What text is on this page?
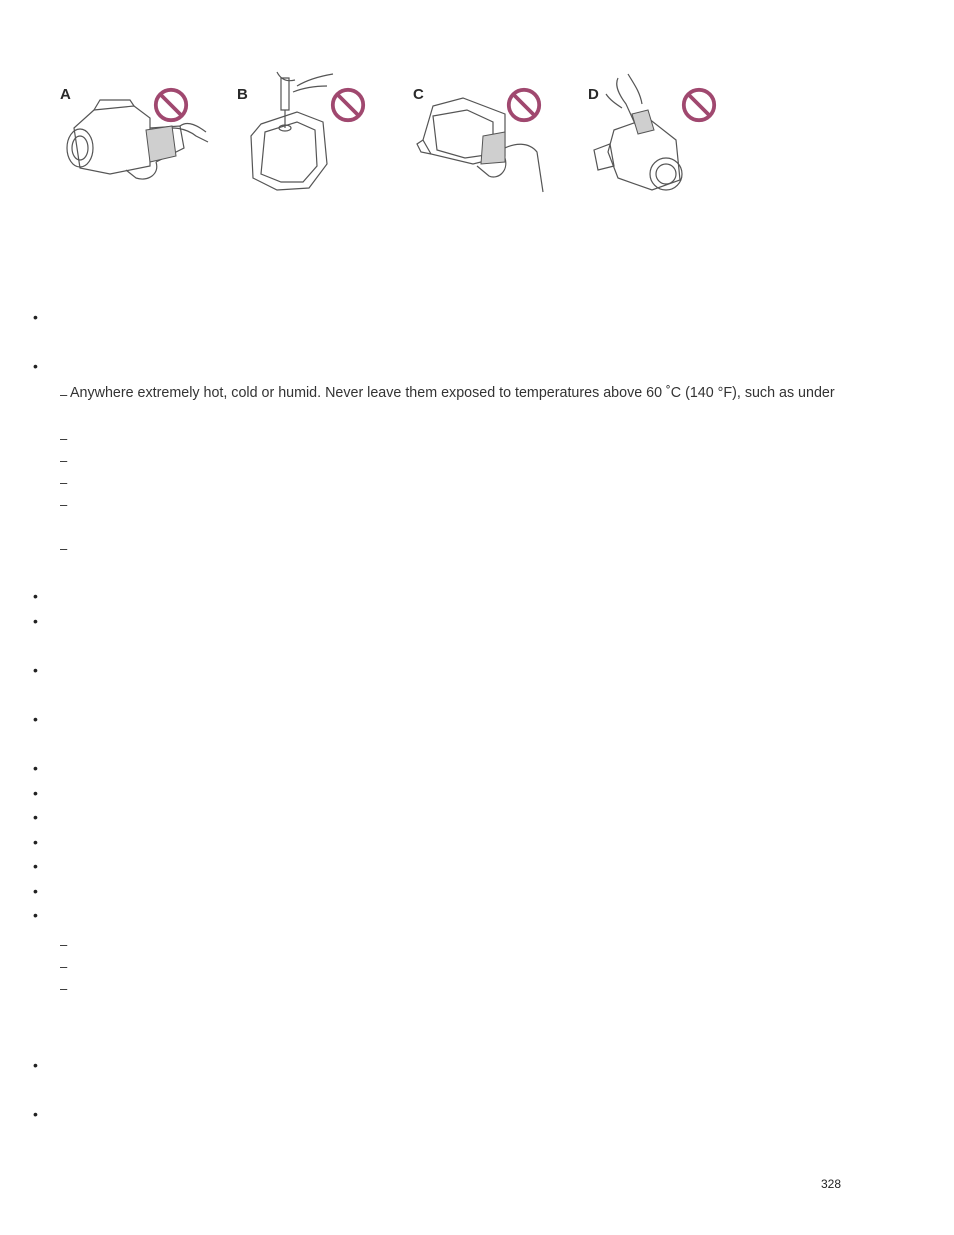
A	B	C	D
•
•
– Anywhere extremely hot, cold or humid. Never leave them exposed to temperatures above 60 ˚C (140 °F), such as under
–
–
–
–
–
•
•
•
•
•
•
•
•
•
•
•
–
–
–
•
•
328
